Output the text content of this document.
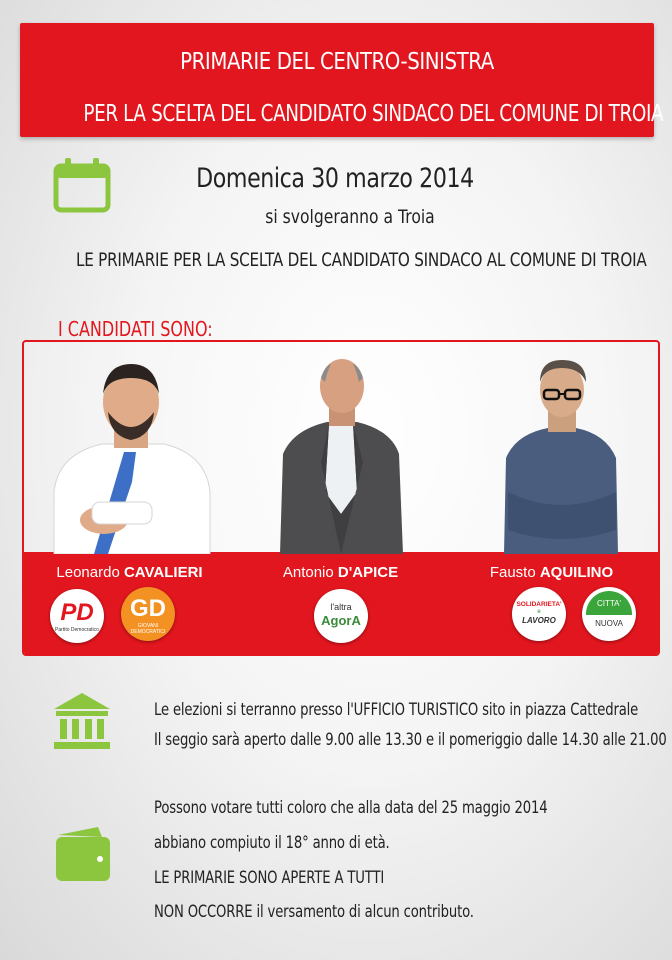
PRIMARIE DEL CENTRO-SINISTRA
PER LA SCELTA DEL CANDIDATO SINDACO DEL COMUNE DI TROIA
Domenica 30 marzo 2014
si svolgeranno a Troia
LE PRIMARIE PER LA SCELTA DEL CANDIDATO SINDACO AL COMUNE DI TROIA
I CANDIDATI SONO:
Leonardo CAVALIERI
PD
Partito Democratico
GD
GIOVANI DEMOCRATICI
Antonio D'APICE
l'altra
AgorA
Fausto AQUILINO
SOLIDARIETA'
e
LAVORO
CITTA'
NUOVA
Le elezioni si terranno presso l'UFFICIO TURISTICO sito in piazza Cattedrale
Il seggio sarà aperto dalle 9.00 alle 13.30 e il pomeriggio dalle 14.30 alle 21.00
Possono votare tutti coloro che alla data del 25 maggio 2014
abbiano compiuto il 18° anno di età.
LE PRIMARIE SONO APERTE A TUTTI
NON OCCORRE il versamento di alcun contributo.
